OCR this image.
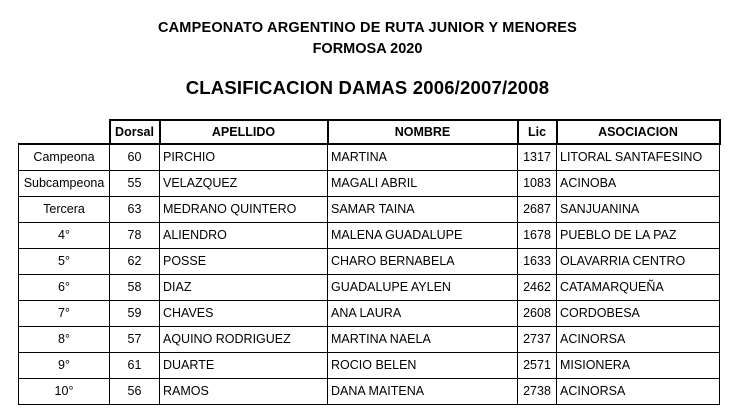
CAMPEONATO ARGENTINO DE RUTA JUNIOR Y MENORES
FORMOSA 2020
CLASIFICACION DAMAS 2006/2007/2008
	Dorsal	APELLIDO	NOMBRE	Lic	ASOCIACION
Campeona	60	PIRCHIO	MARTINA	1317	LITORAL SANTAFESINO
Subcampeona	55	VELAZQUEZ	MAGALI ABRIL	1083	ACINOBA
Tercera	63	MEDRANO QUINTERO	SAMAR TAINA	2687	SANJUANINA
4°	78	ALIENDRO	MALENA GUADALUPE	1678	PUEBLO DE LA PAZ
5°	62	POSSE	CHARO BERNABELA	1633	OLAVARRIA CENTRO
6°	58	DIAZ	GUADALUPE AYLEN	2462	CATAMARQUEÑA
7°	59	CHAVES	ANA LAURA	2608	CORDOBESA
8°	57	AQUINO RODRIGUEZ	MARTINA NAELA	2737	ACINORSA
9°	61	DUARTE	ROCIO BELEN	2571	MISIONERA
10°	56	RAMOS	DANA MAITENA	2738	ACINORSA
